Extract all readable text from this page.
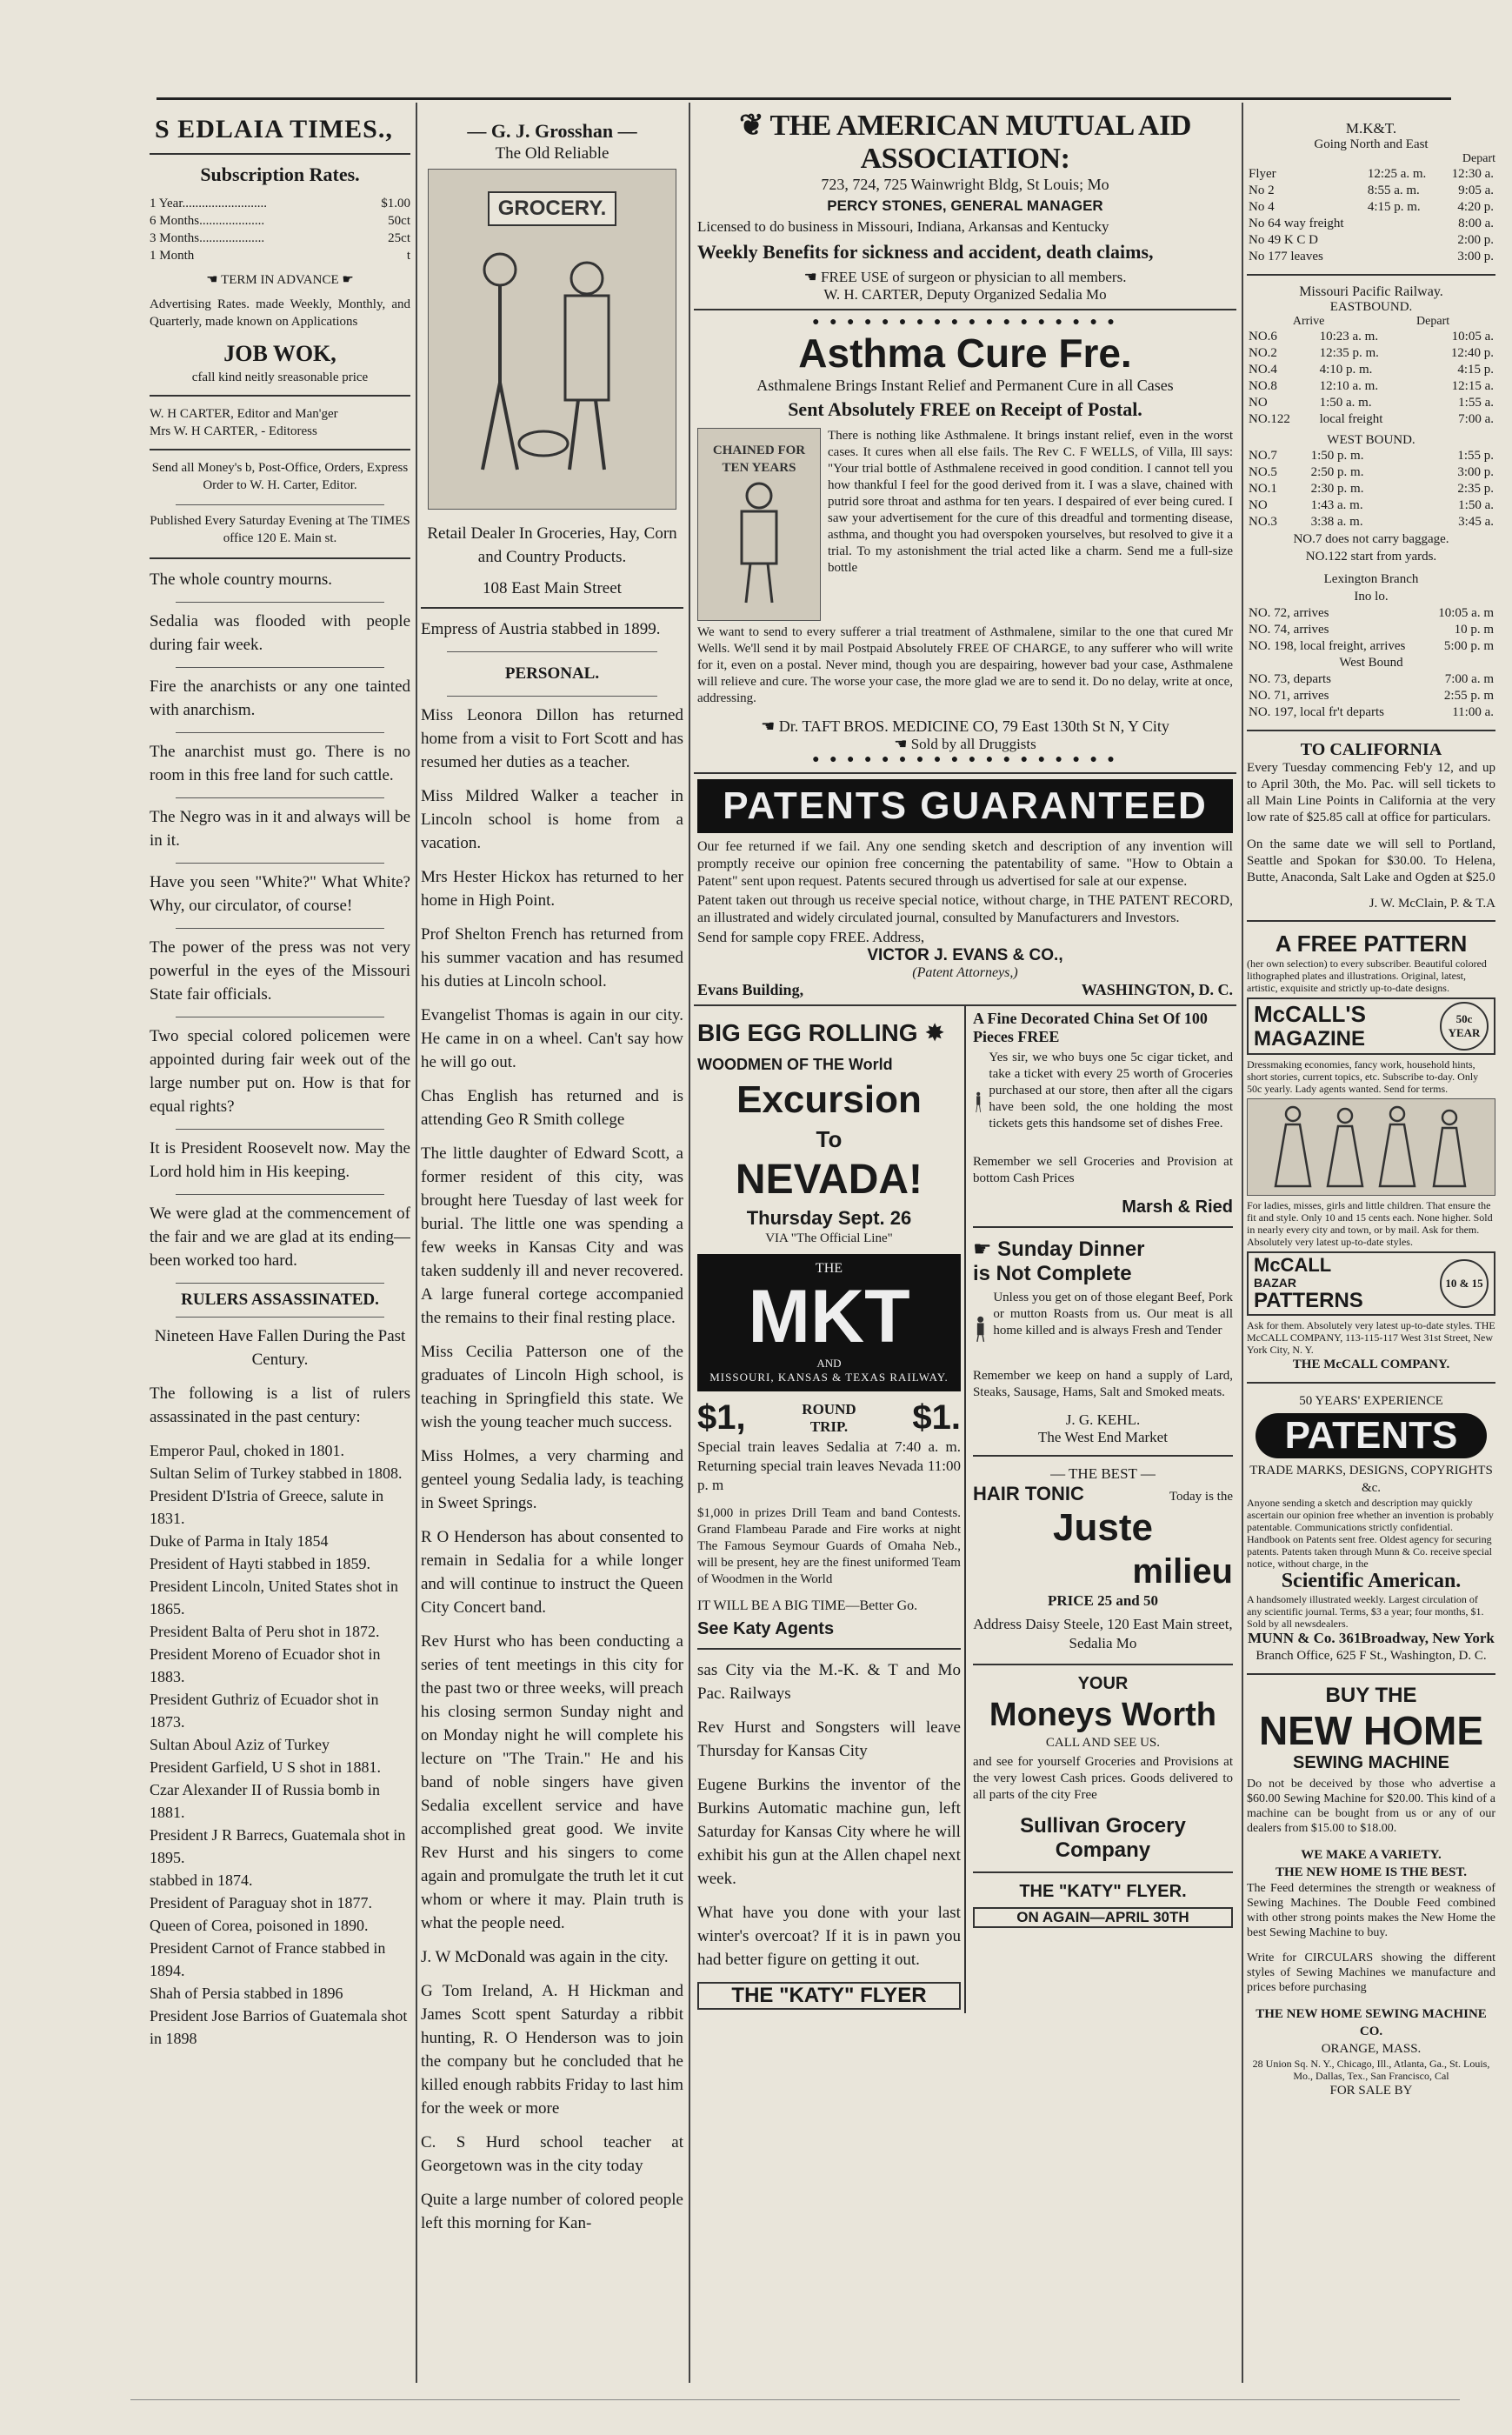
S EDLAIA TIMES.,
Subscription Rates.
1 Year..........................	$1.00
6 Months....................	50ct
3 Months....................	25ct
1 Month	t
☚ TERM IN ADVANCE ☛

Advertising Rates. made Weekly, Monthly, and Quarterly, made known on Applications

JOB WOK,
cfall kind neitly sreasonable price
W. H CARTER, Editor and Man'ger
Mrs W. H CARTER, - Editoress

Send all Money's b, Post-Office, Orders, Express Order to W. H. Carter, Editor.

Published Every Saturday Evening at The TIMES office 120 E. Main st.

The whole country mourns.

Sedalia was flooded with people during fair week.

Fire the anarchists or any one tainted with anarchism.

The anarchist must go. There is no room in this free land for such cattle.

The Negro was in it and always will be in it.

Have you seen "White?" What White? Why, our circulator, of course!

The power of the press was not very powerful in the eyes of the Missouri State fair officials.

Two special colored policemen were appointed during fair week out of the large number put on. How is that for equal rights?

It is President Roosevelt now. May the Lord hold him in His keeping.

We were glad at the commencement of the fair and we are glad at its ending—been worked too hard.

RULERS ASSASSINATED.

Nineteen Have Fallen During the Past Century.

The following is a list of rulers assassinated in the past century:

Emperor Paul, choked in 1801.
Sultan Selim of Turkey stabbed in 1808.
President D'Istria of Greece, salute in 1831.
Duke of Parma in Italy 1854
President of Hayti stabbed in 1859.
President Lincoln, United States shot in 1865.
President Balta of Peru shot in 1872.
President Moreno of Ecuador shot in 1883.
President Guthriz of Ecuador shot in 1873.
Sultan Aboul Aziz of Turkey
President Garfield, U S shot in 1881.
Czar Alexander II of Russia bomb in 1881.
President J R Barrecs, Guatemala shot in 1895.
stabbed in 1874.
President of Paraguay shot in 1877.
Queen of Corea, poisoned in 1890.
President Carnot of France stabbed in 1894.
Shah of Persia stabbed in 1896
President Jose Barrios of Guatemala shot in 1898
— G. J. Grosshan —
The Old Reliable
GROCERY.

Retail Dealer In Groceries, Hay, Corn and Country Products.

108 East Main Street

Empress of Austria stabbed in 1899.

PERSONAL.

Miss Leonora Dillon has returned home from a visit to Fort Scott and has resumed her duties as a teacher.

Miss Mildred Walker a teacher in Lincoln school is home from a vacation.

Mrs Hester Hickox has returned to her home in High Point.

Prof Shelton French has returned from his summer vacation and has resumed his duties at Lincoln school.

Evangelist Thomas is again in our city. He came in on a wheel. Can't say how he will go out.

Chas English has returned and is attending Geo R Smith college

The little daughter of Edward Scott, a former resident of this city, was brought here Tuesday of last week for burial. The little one was spending a few weeks in Kansas City and was taken suddenly ill and never recovered. A large funeral cortege accompanied the remains to their final resting place.

Miss Cecilia Patterson one of the graduates of Lincoln High school, is teaching in Springfield this state. We wish the young teacher much success.

Miss Holmes, a very charming and genteel young Sedalia lady, is teaching in Sweet Springs.

R O Henderson has about consented to remain in Sedalia for a while longer and will continue to instruct the Queen City Concert band.

Rev Hurst who has been conducting a series of tent meetings in this city for the past two or three weeks, will preach his closing sermon Sunday night and on Monday night he will complete his lecture on "The Train." He and his band of noble singers have given Sedalia excellent service and have accomplished great good. We invite Rev Hurst and his singers to come again and promulgate the truth let it cut whom or where it may. Plain truth is what the people need.

J. W McDonald was again in the city.

G Tom Ireland, A. H Hickman and James Scott spent Saturday a ribbit hunting, R. O Henderson was to join the company but he concluded that he killed enough rabbits Friday to last him for the week or more

C. S Hurd school teacher at Georgetown was in the city today

Quite a large number of colored people left this morning for Kan-

❦ THE AMERICAN MUTUAL AID ASSOCIATION:
723, 724, 725 Wainwright Bldg, St Louis; Mo
PERCY STONES, GENERAL MANAGER
Licensed to do business in Missouri, Indiana, Arkansas and Kentucky
Weekly Benefits for sickness and accident, death claims,
☚ FREE USE of surgeon or physician to all members.
W. H. CARTER, Deputy Organized Sedalia Mo
● ● ● ● ● ● ● ● ● ● ● ● ● ● ● ● ● ●
Asthma Cure Fre.
Asthmalene Brings Instant Relief and Permanent Cure in all Cases
Sent Absolutely FREE on Receipt of Postal.
CHAINED FOR TEN YEARS

There is nothing like Asthmalene. It brings instant relief, even in the worst cases. It cures when all else fails. The Rev C. F WELLS, of Villa, Ill says: "Your trial bottle of Asthmalene received in good condition. I cannot tell you how thankful I feel for the good derived from it. I was a slave, chained with putrid sore throat and asthma for ten years. I despaired of ever being cured. I saw your advertisement for the cure of this dreadful and tormenting disease, asthma, and thought you had overspoken yourselves, but resolved to give it a trial. To my astonishment the trial acted like a charm. Send me a full-size bottle

We want to send to every sufferer a trial treatment of Asthmalene, similar to the one that cured Mr Wells. We'll send it by mail Postpaid Absolutely FREE OF CHARGE, to any sufferer who will write for it, even on a postal. Never mind, though you are despairing, however bad your case, Asthmalene will relieve and cure. The worse your case, the more glad we are to send it. Do no delay, write at once, addressing.

☚ Dr. TAFT BROS. MEDICINE CO, 79 East 130th St N, Y City
☚ Sold by all Druggists
● ● ● ● ● ● ● ● ● ● ● ● ● ● ● ● ● ●
PATENTS GUARANTEED

Our fee returned if we fail. Any one sending sketch and description of any invention will promptly receive our opinion free concerning the patentability of same. "How to Obtain a Patent" sent upon request. Patents secured through us advertised for sale at our expense.

Patent taken out through us receive special notice, without charge, in THE PATENT RECORD, an illustrated and widely circulated journal, consulted by Manufacturers and Investors.

Send for sample copy FREE. Address,
VICTOR J. EVANS & CO.,
(Patent Attorneys,)
Evans Building,	WASHINGTON, D. C.
BIG EGG ROLLING ✸
WOODMEN OF THE World
Excursion
To
NEVADA!
Thursday Sept. 26
VIA "The Official Line"
THE
MKT
AND
MISSOURI, KANSAS & TEXAS RAILWAY.
$1,	ROUND TRIP.	$1.

Special train leaves Sedalia at 7:40 a. m. Returning special train leaves Nevada 11:00 p. m

$1,000 in prizes Drill Team and band Contests. Grand Flambeau Parade and Fire works at night The Famous Seymour Guards of Omaha Neb., will be present, hey are the finest uniformed Team of Woodmen in the World

IT WILL BE A BIG TIME—Better Go.
See Katy Agents

sas City via the M.-K. & T and Mo Pac. Railways

Rev Hurst and Songsters will leave Thursday for Kansas City

Eugene Burkins the inventor of the Burkins Automatic machine gun, left Saturday for Kansas City where he will exhibit his gun at the Allen chapel next week.

What have you done with your last winter's overcoat? If it is in pawn you had better figure on getting it out.

THE "KATY" FLYER
A Fine Decorated China Set Of 100 Pieces FREE

Yes sir, we who buys one 5c cigar ticket, and take a ticket with every 25 worth of Groceries purchased at our store, then after all the cigars have been sold, the one holding the most tickets gets this handsome set of dishes Free.

Remember we sell Groceries and Provision at bottom Cash Prices

Marsh & Ried
☛ Sunday Dinner
is Not Complete

Unless you get on of those elegant Beef, Pork or mutton Roasts from us. Our meat is all home killed and is always Fresh and Tender

Remember we keep on hand a supply of Lard, Steaks, Sausage, Hams, Salt and Smoked meats.

J. G. KEHL.
The West End Market
— THE BEST —
HAIR TONIC	Today is the
Juste
milieu
PRICE 25 and 50

Address Daisy Steele, 120 East Main street, Sedalia Mo

YOUR
Moneys Worth
CALL AND SEE US.

and see for yourself Groceries and Provisions at the very lowest Cash prices. Goods delivered to all parts of the city Free

Sullivan Grocery Company
THE "KATY" FLYER.
ON AGAIN—APRIL 30TH
M.K&T.
Going North and East
Depart
Flyer	12:25 a. m.	12:30 a.
No 2	8:55 a. m.	9:05 a.
No 4	4:15 p. m.	4:20 p.
No 64 way freight		8:00 a.
No 49 K C D		2:00 p.
No 177 leaves		3:00 p.
Missouri Pacific Railway.
EASTBOUND.
Arrive	Depart
NO.6	10:23 a. m.	10:05 a.
NO.2	12:35 p. m.	12:40 p.
NO.4	4:10 p. m.	4:15 p.
NO.8	12:10 a. m.	12:15 a.
NO	1:50 a. m.	1:55 a.
NO.122	local freight	7:00 a.
WEST BOUND.
NO.7	1:50 p. m.	1:55 p.
NO.5	2:50 p. m.	3:00 p.
NO.1	2:30 p. m.	2:35 p.
NO	1:43 a. m.	1:50 a.
NO.3	3:38 a. m.	3:45 a.
NO.7 does not carry baggage.
NO.122 start from yards.
Lexington Branch
Ino lo.
NO. 72, arrives	10:05 a. m
NO. 74, arrives	10 p. m
NO. 198, local freight, arrives	5:00 p. m
West Bound	
NO. 73, departs	7:00 a. m
NO. 71, arrives	2:55 p. m
NO. 197, local fr't departs	11:00 a.
TO CALIFORNIA

Every Tuesday commencing Feb'y 12, and up to April 30th, the Mo. Pac. will sell tickets to all Main Line Points in California at the very low rate of $25.85 call at office for particulars.

On the same date we will sell to Portland, Seattle and Spokan for $30.00. To Helena, Butte, Anaconda, Salt Lake and Ogden at $25.0

J. W. McClain, P. & T.A
A FREE PATTERN
(her own selection) to every subscriber. Beautiful colored lithographed plates and illustrations. Original, latest, artistic, exquisite and strictly up-to-date designs.
McCALL'S
MAGAZINE
50c YEAR
Dressmaking economies, fancy work, household hints, short stories, current topics, etc. Subscribe to-day. Only 50c yearly. Lady agents wanted. Send for terms.
For ladies, misses, girls and little children. That ensure the fit and style. Only 10 and 15 cents each. None higher. Sold in nearly every city and town, or by mail. Ask for them. Absolutely very latest up-to-date styles.
McCALL
BAZAR
PATTERNS
10 & 15
Ask for them. Absolutely very latest up-to-date styles. THE McCALL COMPANY, 113-115-117 West 31st Street, New York City, N. Y.
THE McCALL COMPANY.
50 YEARS' EXPERIENCE
PATENTS
TRADE MARKS, DESIGNS, COPYRIGHTS &c.
Anyone sending a sketch and description may quickly ascertain our opinion free whether an invention is probably patentable. Communications strictly confidential. Handbook on Patents sent free. Oldest agency for securing patents. Patents taken through Munn & Co. receive special notice, without charge, in the
Scientific American.
A handsomely illustrated weekly. Largest circulation of any scientific journal. Terms, $3 a year; four months, $1. Sold by all newsdealers.
MUNN & Co. 361Broadway, New York
Branch Office, 625 F St., Washington, D. C.
BUY THE
NEW HOME
SEWING MACHINE

Do not be deceived by those who advertise a $60.00 Sewing Machine for $20.00. This kind of a machine can be bought from us or any of our dealers from $15.00 to $18.00.

WE MAKE A VARIETY.
THE NEW HOME IS THE BEST.

The Feed determines the strength or weakness of Sewing Machines. The Double Feed combined with other strong points makes the New Home the best Sewing Machine to buy.

Write for CIRCULARS showing the different styles of Sewing Machines we manufacture and prices before purchasing

THE NEW HOME SEWING MACHINE CO.
ORANGE, MASS.
28 Union Sq. N. Y., Chicago, Ill., Atlanta, Ga., St. Louis, Mo., Dallas, Tex., San Francisco, Cal
FOR SALE BY
